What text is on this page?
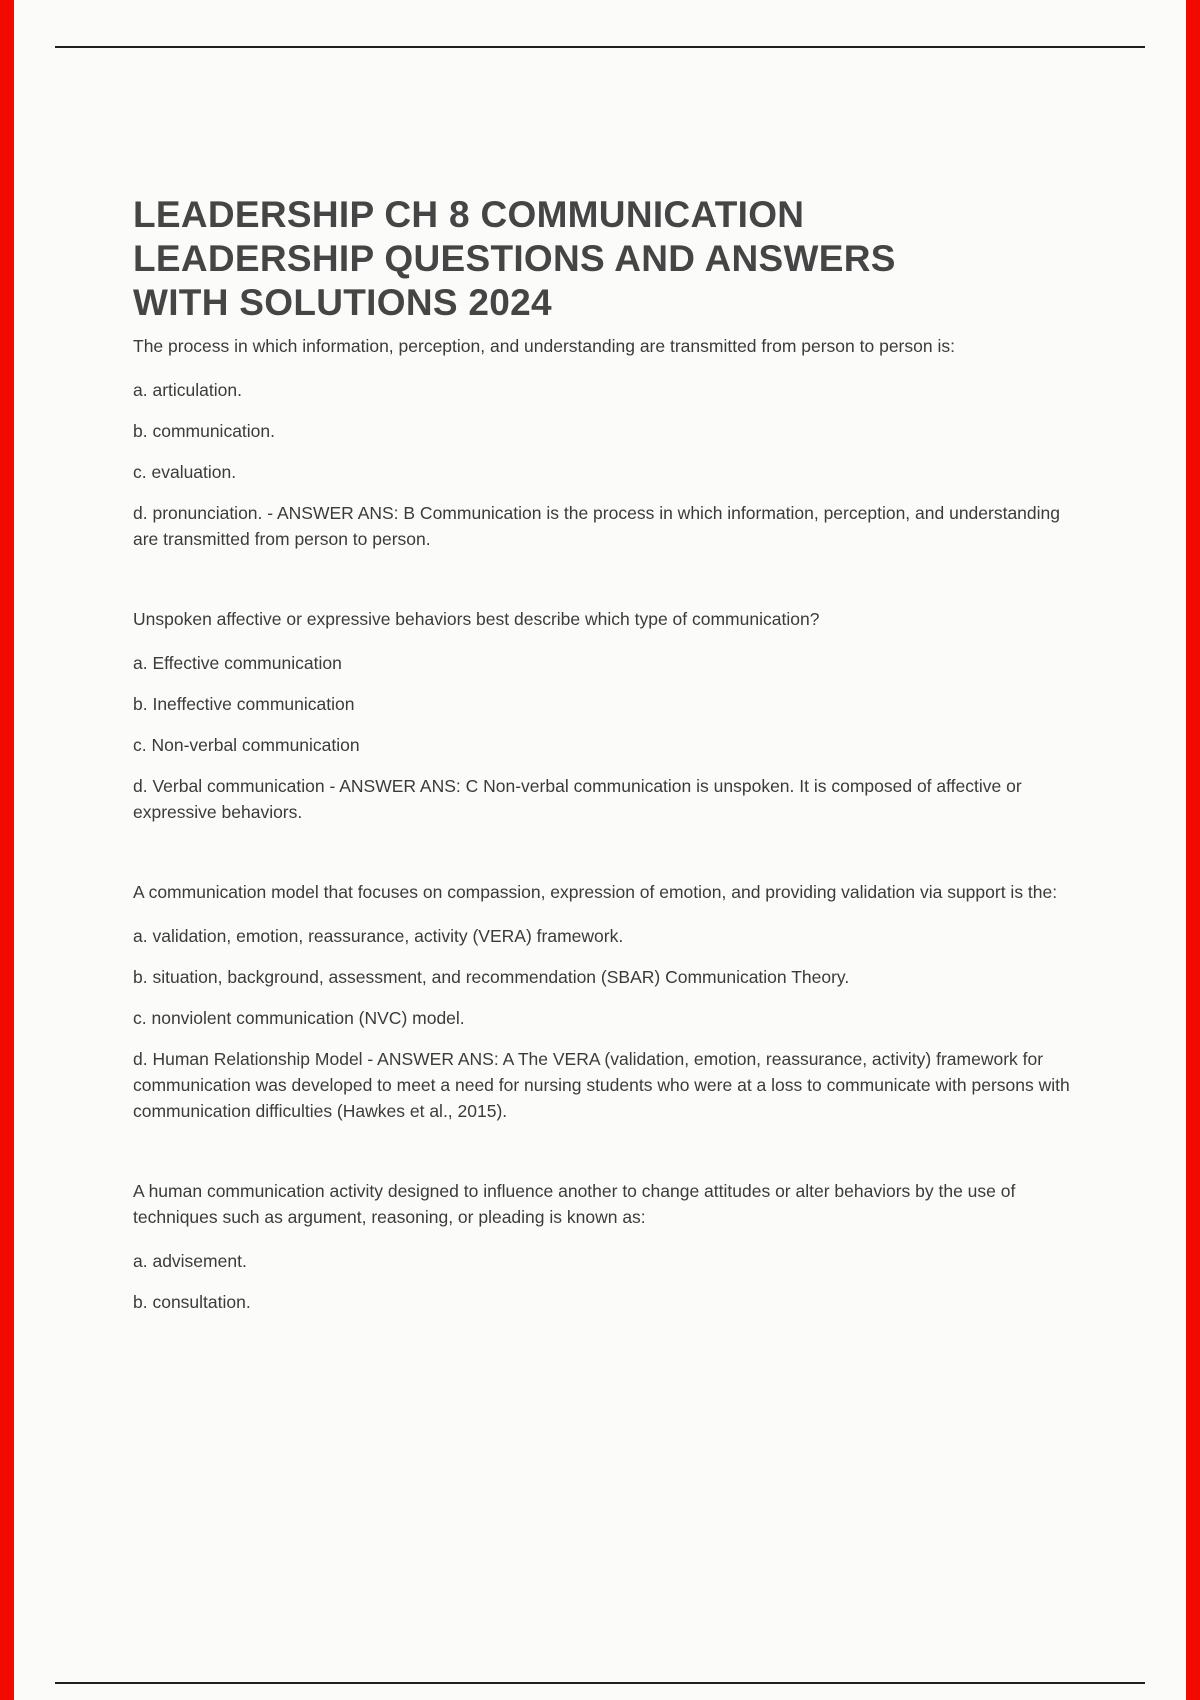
LEADERSHIP CH 8 COMMUNICATION
LEADERSHIP QUESTIONS AND ANSWERS
WITH SOLUTIONS 2024

The process in which information, perception, and understanding are transmitted from person to person is:

a. articulation.

b. communication.

c. evaluation.

d. pronunciation. - ANSWER ANS: B Communication is the process in which information, perception, and understanding are transmitted from person to person.

Unspoken affective or expressive behaviors best describe which type of communication?

a. Effective communication

b. Ineffective communication

c. Non-verbal communication

d. Verbal communication - ANSWER ANS: C Non-verbal communication is unspoken. It is composed of affective or expressive behaviors.

A communication model that focuses on compassion, expression of emotion, and providing validation via support is the:

a. validation, emotion, reassurance, activity (VERA) framework.

b. situation, background, assessment, and recommendation (SBAR) Communication Theory.

c. nonviolent communication (NVC) model.

d. Human Relationship Model - ANSWER ANS: A The VERA (validation, emotion, reassurance, activity) framework for communication was developed to meet a need for nursing students who were at a loss to communicate with persons with communication difficulties (Hawkes et al., 2015).

A human communication activity designed to influence another to change attitudes or alter behaviors by the use of techniques such as argument, reasoning, or pleading is known as:

a. advisement.

b. consultation.
